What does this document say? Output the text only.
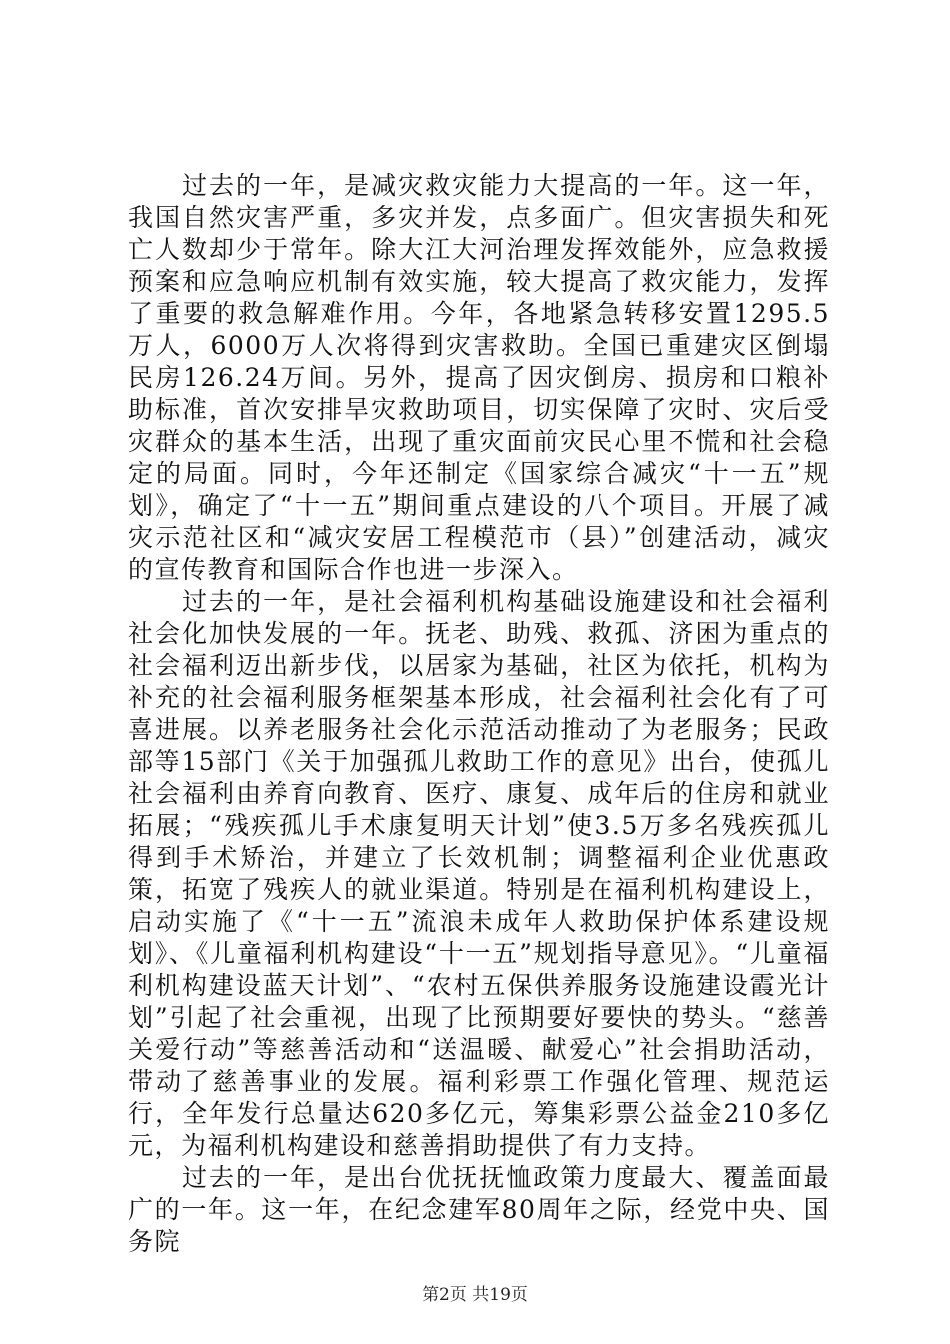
过去的一年，是减灾救灾能力大提高的一年。这一年，我国自然灾害严重，多灾并发，点多面广。但灾害损失和死亡人数却少于常年。除大江大河治理发挥效能外，应急救援预案和应急响应机制有效实施，较大提高了救灾能力，发挥了重要的救急解难作用。今年，各地紧急转移安置1295.5万人，6000万人次将得到灾害救助。全国已重建灾区倒塌民房126.24万间。另外，提高了因灾倒房、损房和口粮补助标准，首次安排旱灾救助项目，切实保障了灾时、灾后受灾群众的基本生活，出现了重灾面前灾民心里不慌和社会稳定的局面。同时，今年还制定《国家综合减灾“十一五”规划》，确定了“十一五”期间重点建设的八个项目。开展了减灾示范社区和“减灾安居工程模范市（县）”创建活动，减灾的宣传教育和国际合作也进一步深入。

过去的一年，是社会福利机构基础设施建设和社会福利社会化加快发展的一年。抚老、助残、救孤、济困为重点的社会福利迈出新步伐，以居家为基础，社区为依托，机构为补充的社会福利服务框架基本形成，社会福利社会化有了可喜进展。以养老服务社会化示范活动推动了为老服务；民政部等15部门《关于加强孤儿救助工作的意见》出台，使孤儿社会福利由养育向教育、医疗、康复、成年后的住房和就业拓展；“残疾孤儿手术康复明天计划”使3.5万多名残疾孤儿得到手术矫治，并建立了长效机制；调整福利企业优惠政策，拓宽了残疾人的就业渠道。特别是在福利机构建设上，启动实施了《“十一五”流浪未成年人救助保护体系建设规划》、《儿童福利机构建设“十一五”规划指导意见》。“儿童福利机构建设蓝天计划”、“农村五保供养服务设施建设霞光计划”引起了社会重视，出现了比预期要好要快的势头。“慈善关爱行动”等慈善活动和“送温暖、献爱心”社会捐助活动，带动了慈善事业的发展。福利彩票工作强化管理、规范运行，全年发行总量达620多亿元，筹集彩票公益金210多亿元，为福利机构建设和慈善捐助提供了有力支持。

过去的一年，是出台优抚抚恤政策力度最大、覆盖面最广的一年。这一年，在纪念建军80周年之际，经党中央、国务院

第2页 共19页
